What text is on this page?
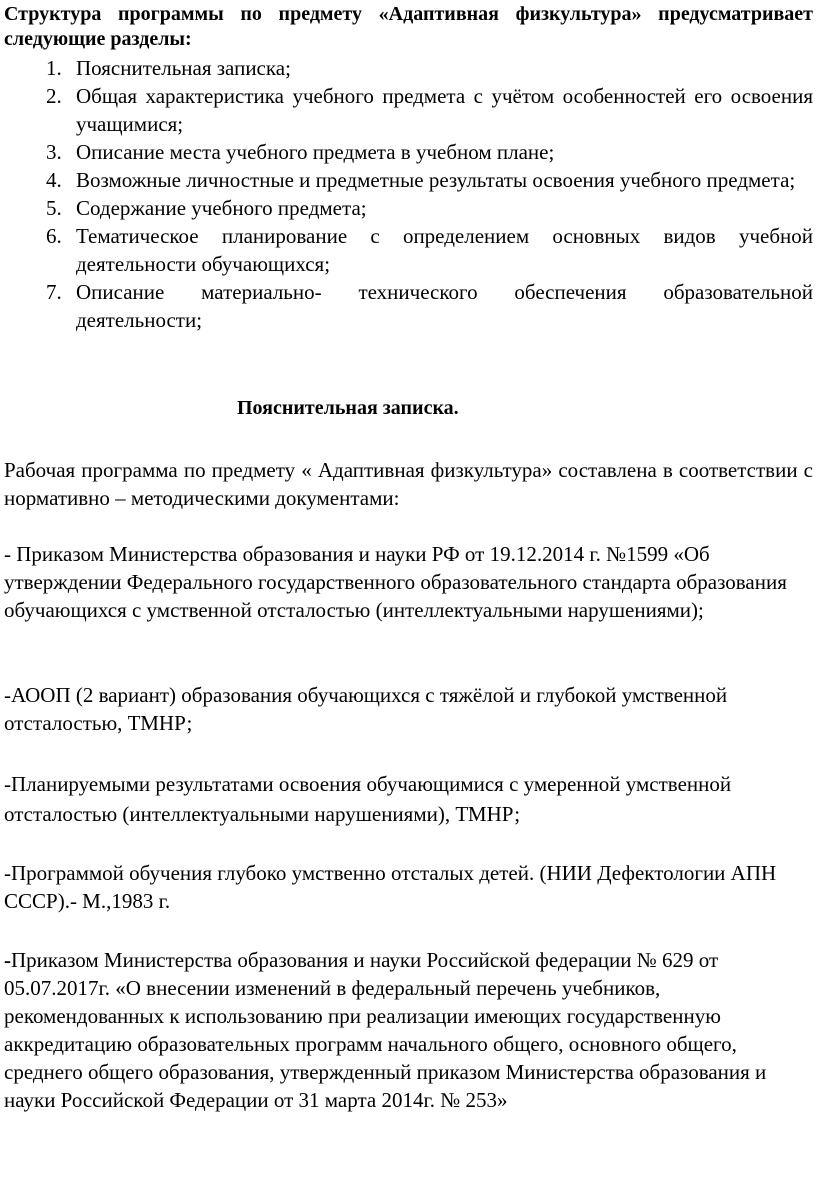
Структура программы по предмету «Адаптивная физкультура» предусматривает следующие разделы:

1. Пояснительная записка;
2. Общая характеристика учебного предмета с учётом особенностей его освоения учащимися;
3. Описание места учебного предмета в учебном плане;
4. Возможные личностные и предметные результаты освоения учебного предмета;
5. Содержание учебного предмета;
6. Тематическое планирование с определением основных видов учебной деятельности обучающихся;
7. Описание материально- технического обеспечения образовательной деятельности;

Пояснительная записка.

Рабочая программа по предмету « Адаптивная физкультура» составлена в соответствии с нормативно – методическими документами:

- Приказом Министерства образования и науки РФ от 19.12.2014 г. №1599 «Об утверждении Федерального государственного образовательного стандарта образования обучающихся с умственной отсталостью (интеллектуальными нарушениями);

-АООП (2 вариант) образования обучающихся с тяжёлой и глубокой умственной отсталостью, ТМНР;

-Планируемыми результатами освоения обучающимися с умеренной умственной отсталостью (интеллектуальными нарушениями), ТМНР;

-Программой обучения глубоко умственно отсталых детей. (НИИ Дефектологии АПН СССР).- М.,1983 г.

-Приказом Министерства образования и науки Российской федерации № 629 от 05.07.2017г. «О внесении изменений в федеральный перечень учебников, рекомендованных к использованию при реализации имеющих государственную аккредитацию образовательных программ начального общего, основного общего, среднего общего образования, утвержденный приказом Министерства образования и науки Российской Федерации от 31 марта 2014г. № 253»
